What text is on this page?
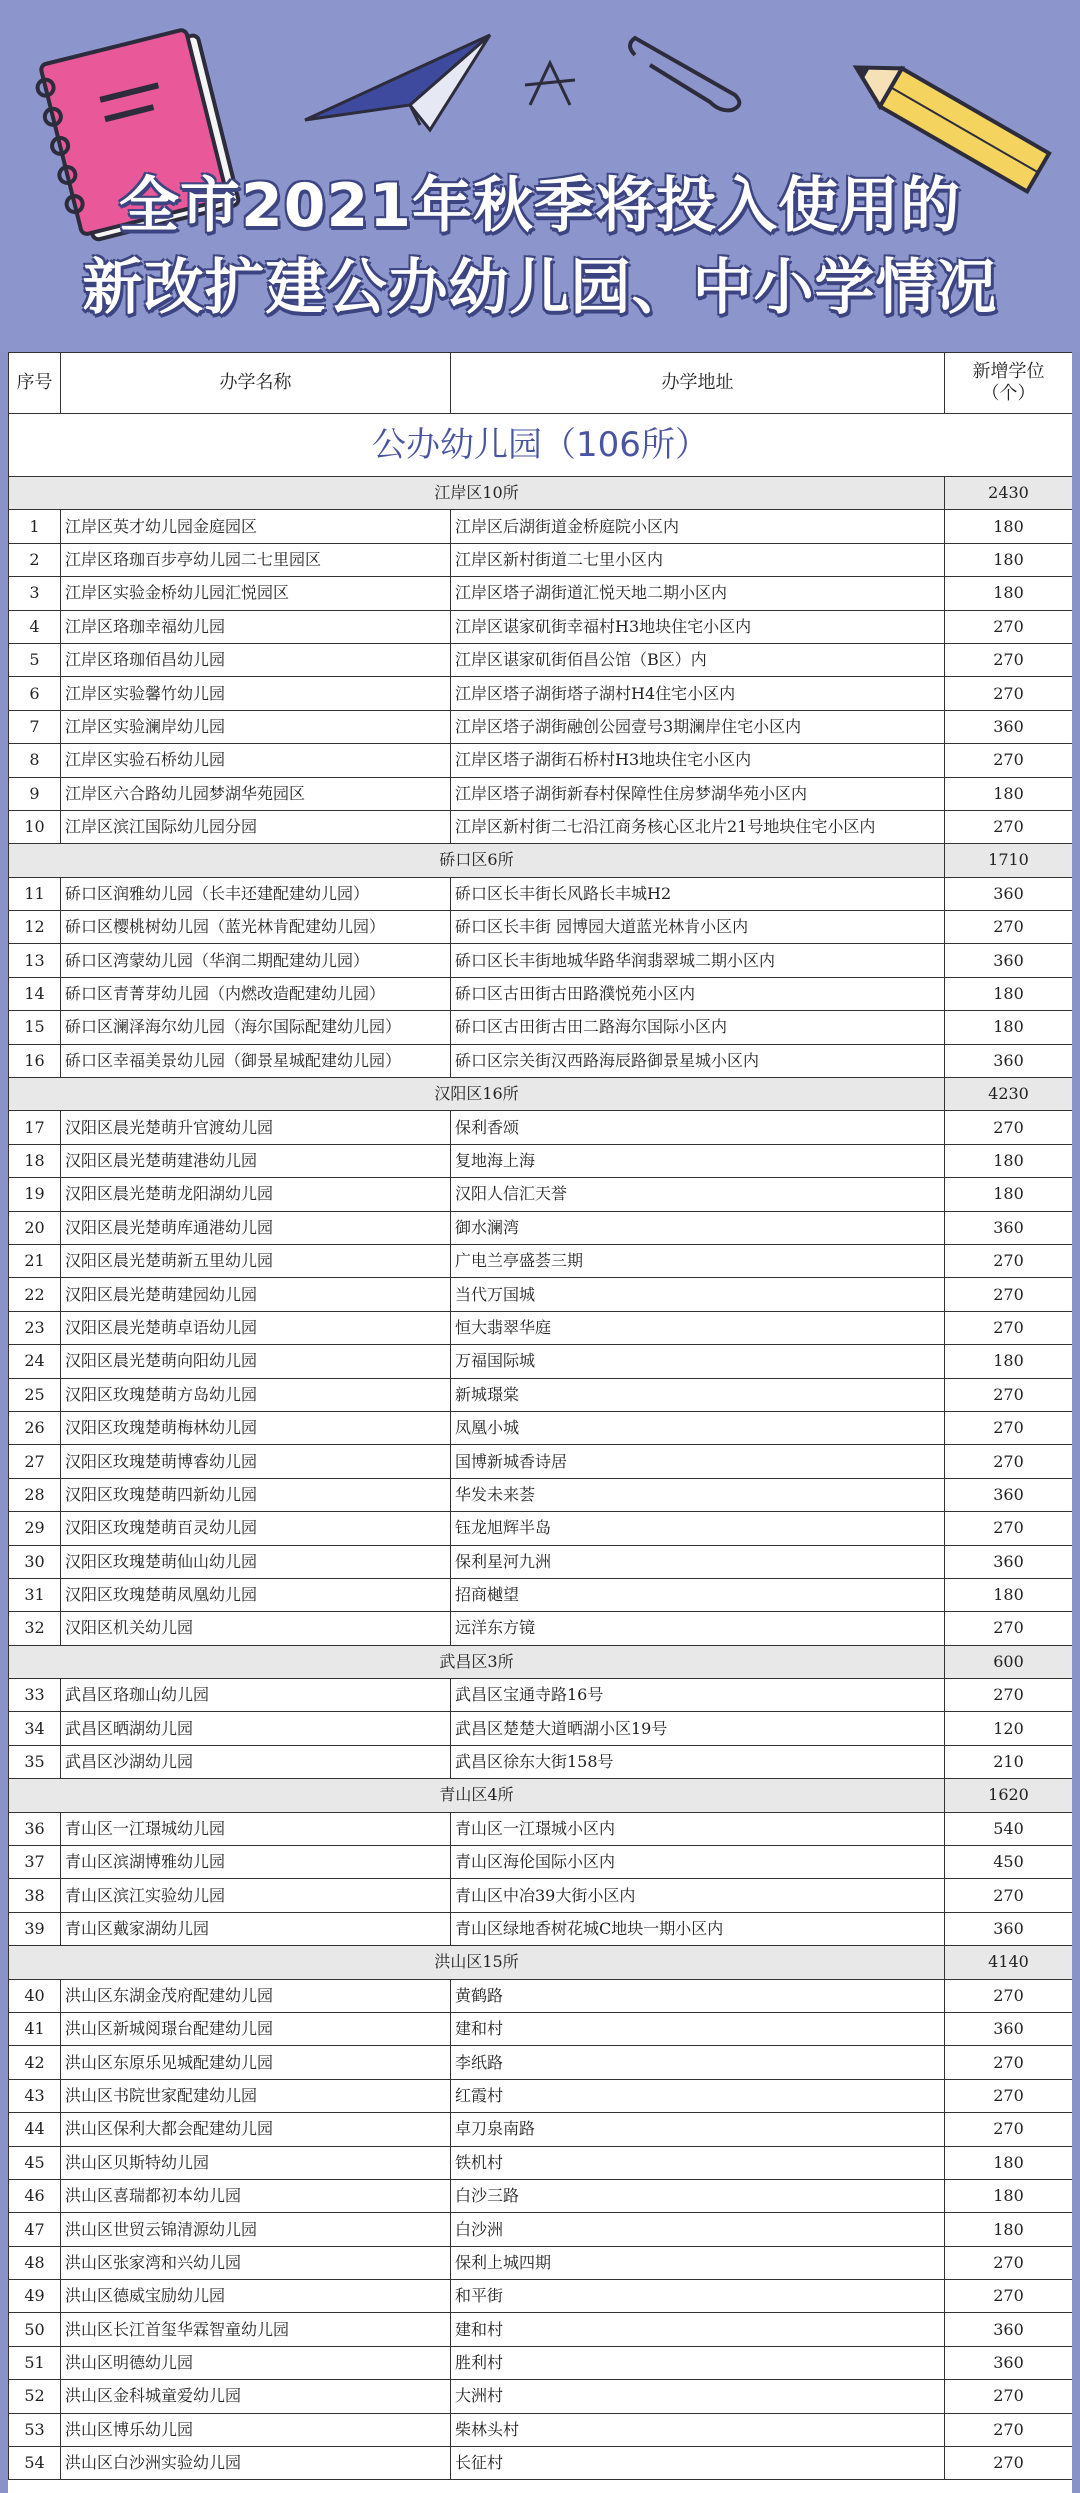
全市2021年秋季将投入使用的
新改扩建公办幼儿园、中小学情况
序号	办学名称	办学地址	新增学位
（个）
公办幼儿园（106所）			
江岸区10所			2430
1	江岸区英才幼儿园金庭园区	江岸区后湖街道金桥庭院小区内	180
2	江岸区珞珈百步亭幼儿园二七里园区	江岸区新村街道二七里小区内	180
3	江岸区实验金桥幼儿园汇悦园区	江岸区塔子湖街道汇悦天地二期小区内	180
4	江岸区珞珈幸福幼儿园	江岸区谌家矶街幸福村H3地块住宅小区内	270
5	江岸区珞珈佰昌幼儿园	江岸区谌家矶街佰昌公馆（B区）内	270
6	江岸区实验馨竹幼儿园	江岸区塔子湖街塔子湖村H4住宅小区内	270
7	江岸区实验澜岸幼儿园	江岸区塔子湖街融创公园壹号3期澜岸住宅小区内	360
8	江岸区实验石桥幼儿园	江岸区塔子湖街石桥村H3地块住宅小区内	270
9	江岸区六合路幼儿园梦湖华苑园区	江岸区塔子湖街新春村保障性住房梦湖华苑小区内	180
10	江岸区滨江国际幼儿园分园	江岸区新村街二七沿江商务核心区北片21号地块住宅小区内	270
硚口区6所			1710
11	硚口区润雅幼儿园（长丰还建配建幼儿园）	硚口区长丰街长风路长丰城H2	360
12	硚口区樱桃树幼儿园（蓝光林肯配建幼儿园）	硚口区长丰街 园博园大道蓝光林肯小区内	270
13	硚口区湾蒙幼儿园（华润二期配建幼儿园）	硚口区长丰街地城华路华润翡翠城二期小区内	360
14	硚口区青菁芽幼儿园（内燃改造配建幼儿园）	硚口区古田街古田路濮悦苑小区内	180
15	硚口区澜泽海尔幼儿园（海尔国际配建幼儿园）	硚口区古田街古田二路海尔国际小区内	180
16	硚口区幸福美景幼儿园（御景星城配建幼儿园）	硚口区宗关街汉西路海辰路御景星城小区内	360
汉阳区16所			4230
17	汉阳区晨光楚萌升官渡幼儿园	保利香颂	270
18	汉阳区晨光楚萌建港幼儿园	复地海上海	180
19	汉阳区晨光楚萌龙阳湖幼儿园	汉阳人信汇天誉	180
20	汉阳区晨光楚萌库通港幼儿园	御水澜湾	360
21	汉阳区晨光楚萌新五里幼儿园	广电兰亭盛荟三期	270
22	汉阳区晨光楚萌建园幼儿园	当代万国城	270
23	汉阳区晨光楚萌卓语幼儿园	恒大翡翠华庭	270
24	汉阳区晨光楚萌向阳幼儿园	万福国际城	180
25	汉阳区玫瑰楚萌方岛幼儿园	新城璟棠	270
26	汉阳区玫瑰楚萌梅林幼儿园	凤凰小城	270
27	汉阳区玫瑰楚萌博睿幼儿园	国博新城香诗居	270
28	汉阳区玫瑰楚萌四新幼儿园	华发未来荟	360
29	汉阳区玫瑰楚萌百灵幼儿园	钰龙旭辉半岛	270
30	汉阳区玫瑰楚萌仙山幼儿园	保利星河九洲	360
31	汉阳区玫瑰楚萌凤凰幼儿园	招商樾望	180
32	汉阳区机关幼儿园	远洋东方镜	270
武昌区3所			600
33	武昌区珞珈山幼儿园	武昌区宝通寺路16号	270
34	武昌区晒湖幼儿园	武昌区楚楚大道晒湖小区19号	120
35	武昌区沙湖幼儿园	武昌区徐东大街158号	210
青山区4所			1620
36	青山区一江璟城幼儿园	青山区一江璟城小区内	540
37	青山区滨湖博雅幼儿园	青山区海伦国际小区内	450
38	青山区滨江实验幼儿园	青山区中冶39大街小区内	270
39	青山区戴家湖幼儿园	青山区绿地香树花城C地块一期小区内	360
洪山区15所			4140
40	洪山区东湖金茂府配建幼儿园	黄鹤路	270
41	洪山区新城阅璟台配建幼儿园	建和村	360
42	洪山区东原乐见城配建幼儿园	李纸路	270
43	洪山区书院世家配建幼儿园	红霞村	270
44	洪山区保利大都会配建幼儿园	卓刀泉南路	270
45	洪山区贝斯特幼儿园	铁机村	180
46	洪山区喜瑞都初本幼儿园	白沙三路	180
47	洪山区世贸云锦清源幼儿园	白沙洲	180
48	洪山区张家湾和兴幼儿园	保利上城四期	270
49	洪山区德威宝励幼儿园	和平街	270
50	洪山区长江首玺华霖智童幼儿园	建和村	360
51	洪山区明德幼儿园	胜利村	360
52	洪山区金科城童爱幼儿园	大洲村	270
53	洪山区博乐幼儿园	柴林头村	270
54	洪山区白沙洲实验幼儿园	长征村	270
